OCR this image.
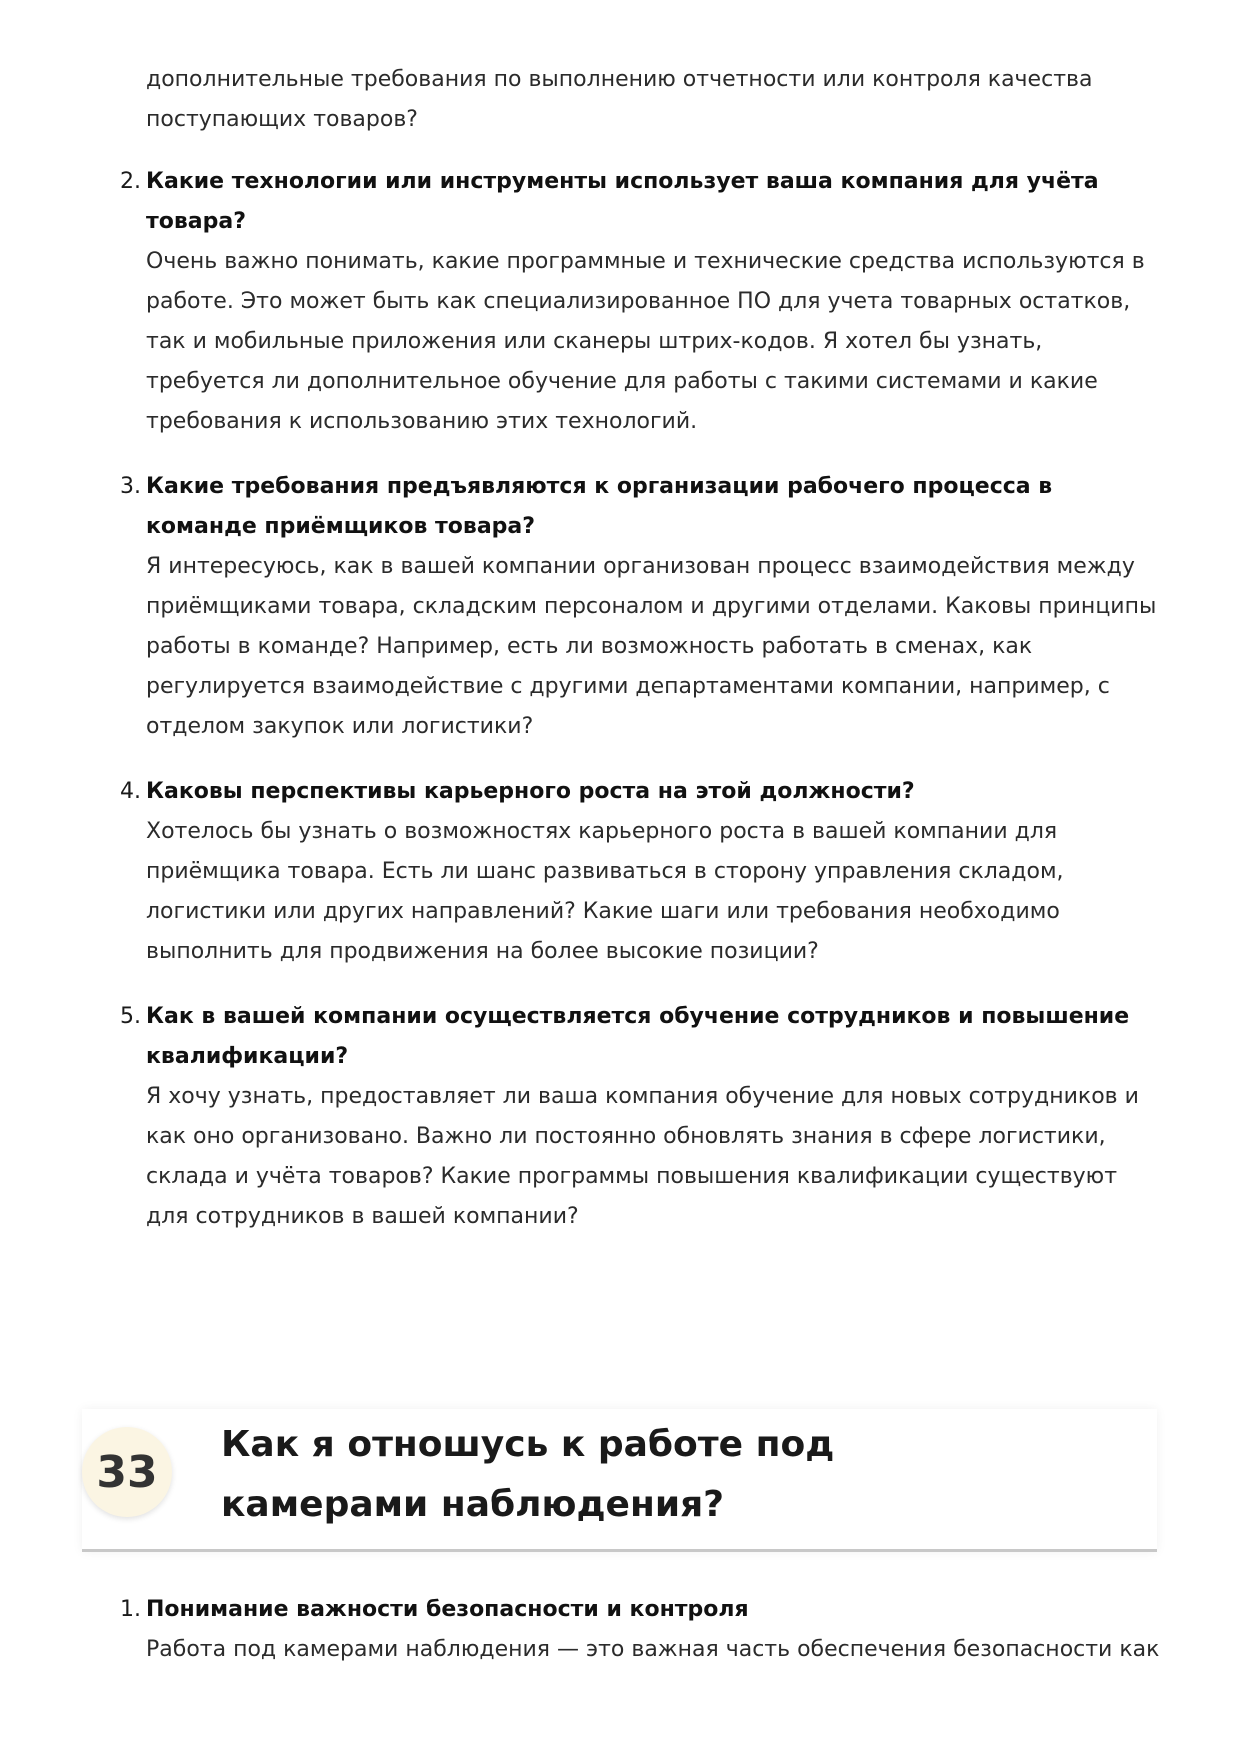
дополнительные требования по выполнению отчетности или контроля качества поступающих товаров?
2. Какие технологии или инструменты использует ваша компания для учёта товара?
Очень важно понимать, какие программные и технические средства используются в работе. Это может быть как специализированное ПО для учета товарных остатков, так и мобильные приложения или сканеры штрих-кодов. Я хотел бы узнать, требуется ли дополнительное обучение для работы с такими системами и какие требования к использованию этих технологий.
3. Какие требования предъявляются к организации рабочего процесса в команде приёмщиков товара?
Я интересуюсь, как в вашей компании организован процесс взаимодействия между приёмщиками товара, складским персоналом и другими отделами. Каковы принципы работы в команде? Например, есть ли возможность работать в сменах, как регулируется взаимодействие с другими департаментами компании, например, с отделом закупок или логистики?
4. Каковы перспективы карьерного роста на этой должности?
Хотелось бы узнать о возможностях карьерного роста в вашей компании для приёмщика товара. Есть ли шанс развиваться в сторону управления складом, логистики или других направлений? Какие шаги или требования необходимо выполнить для продвижения на более высокие позиции?
5. Как в вашей компании осуществляется обучение сотрудников и повышение квалификации?
Я хочу узнать, предоставляет ли ваша компания обучение для новых сотрудников и как оно организовано. Важно ли постоянно обновлять знания в сфере логистики, склада и учёта товаров? Какие программы повышения квалификации существуют для сотрудников в вашей компании?
33
Как я отношусь к работе под камерами наблюдения?
1. Понимание важности безопасности и контроля
Работа под камерами наблюдения — это важная часть обеспечения безопасности как
